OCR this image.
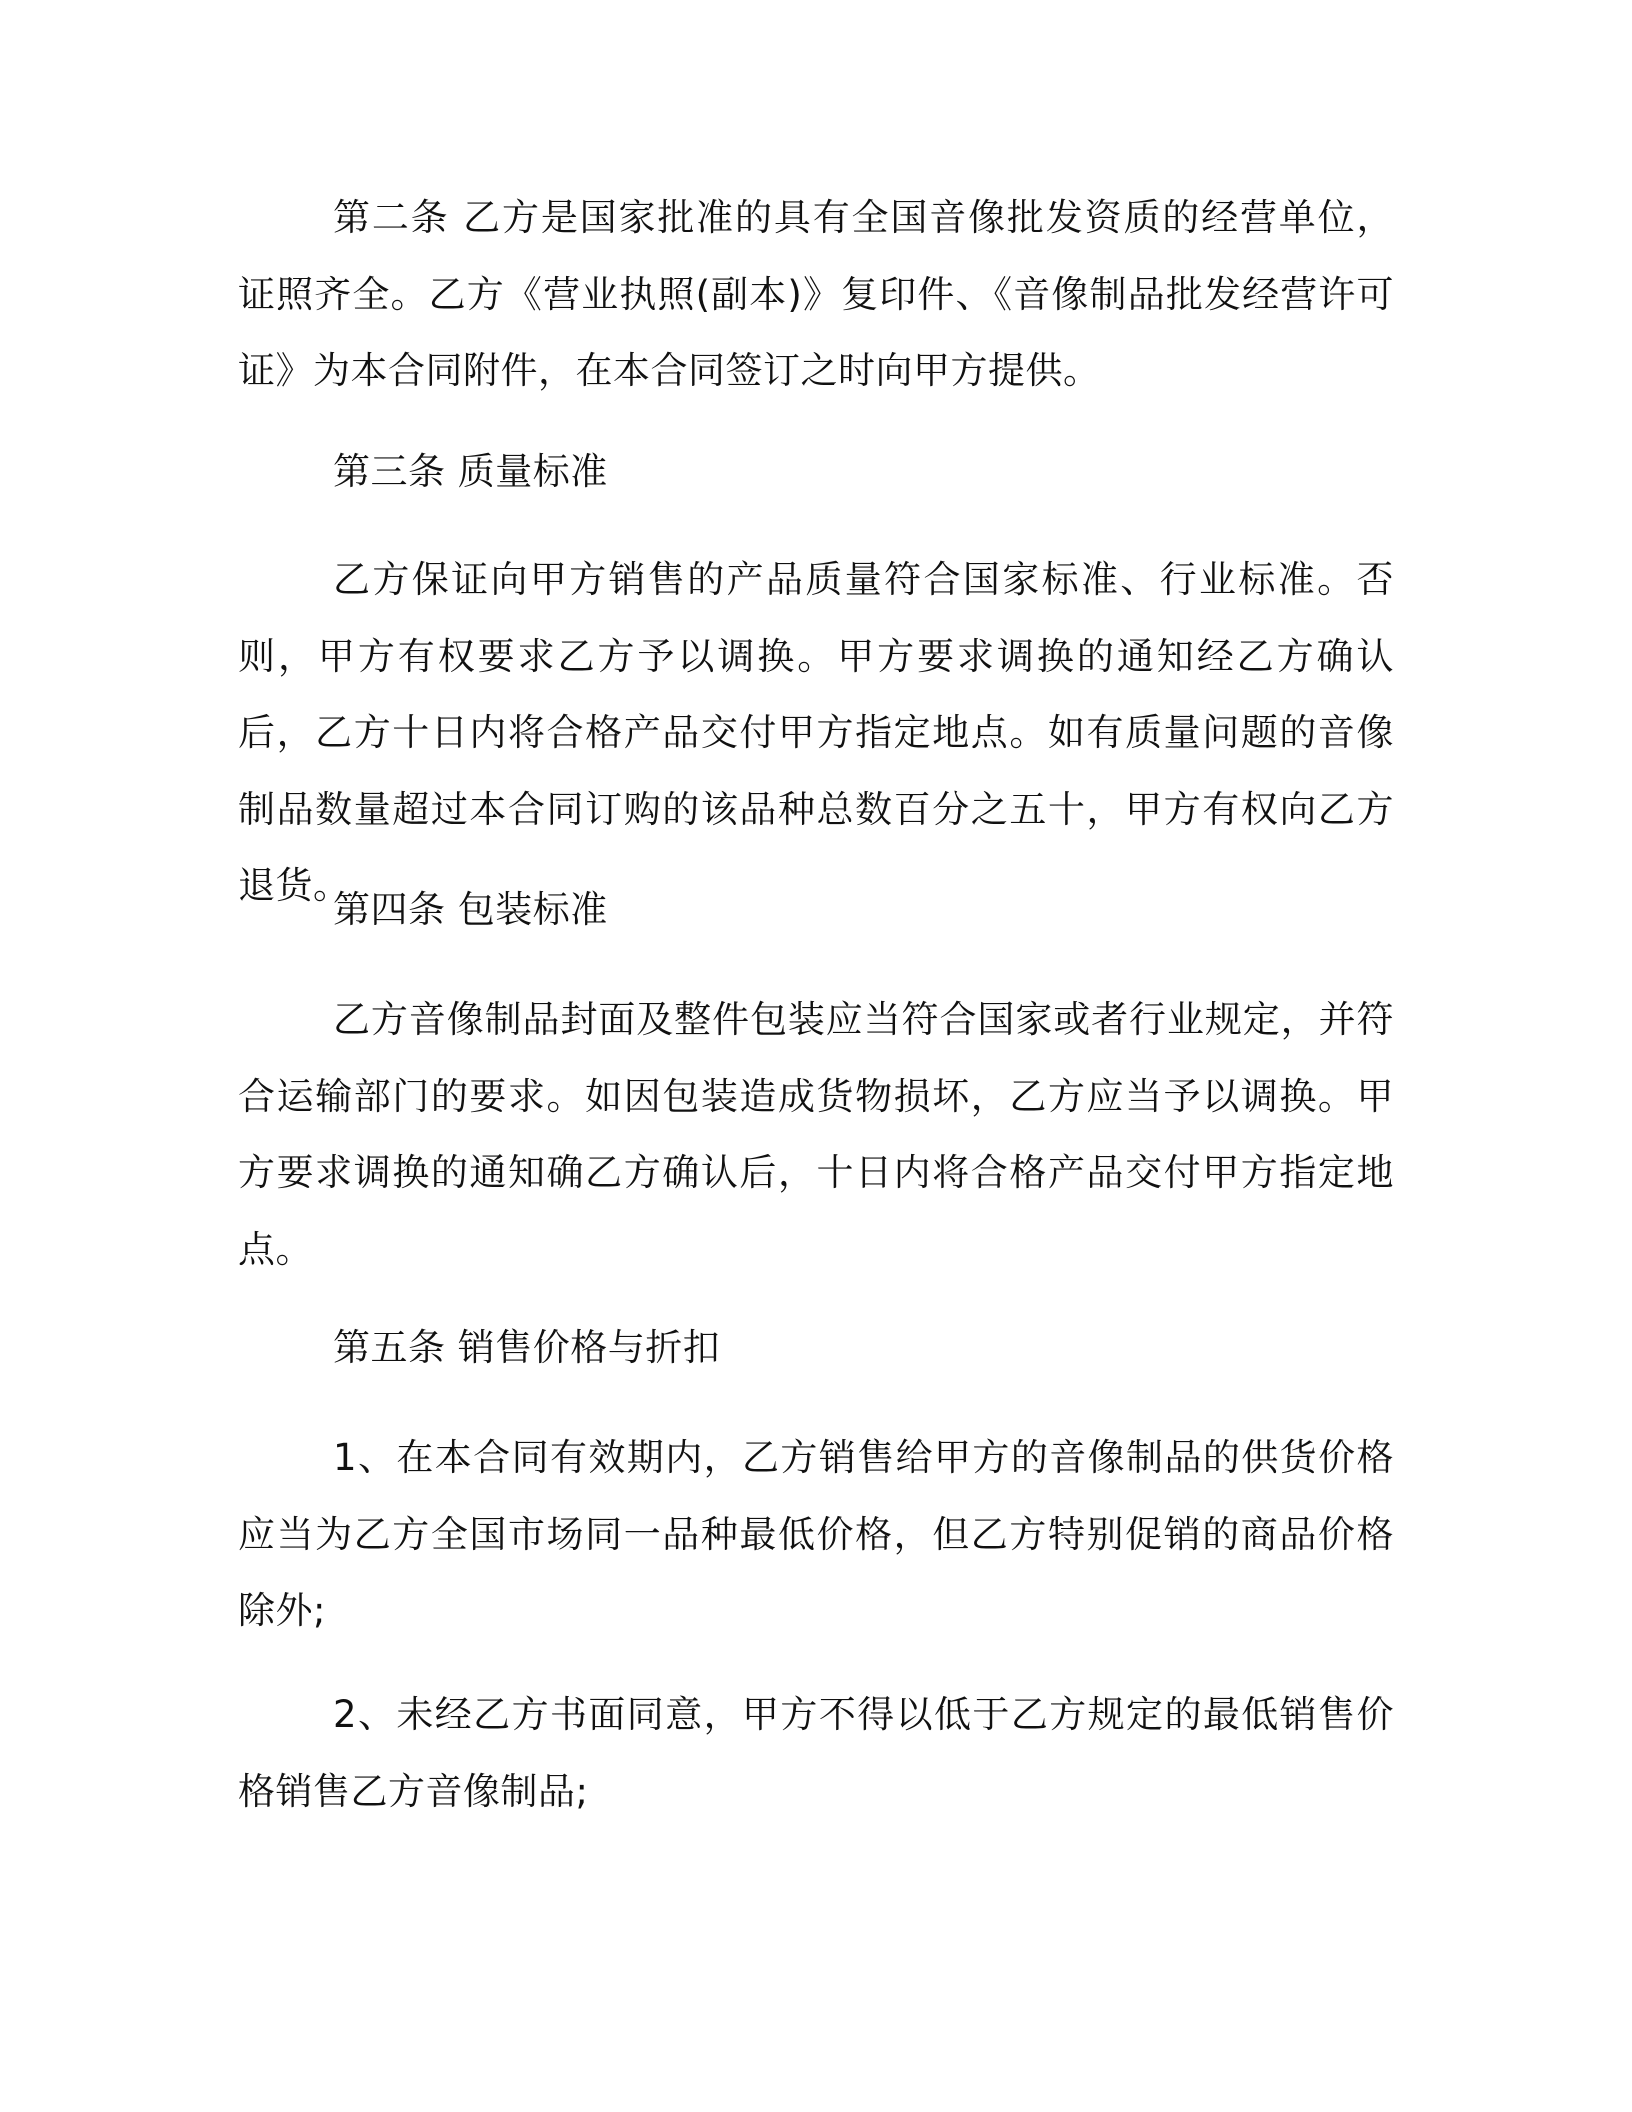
第二条 乙方是国家批准的具有全国音像批发资质的经营单位，证照齐全。乙方《营业执照(副本)》复印件、《音像制品批发经营许可证》为本合同附件，在本合同签订之时向甲方提供。

第三条 质量标准

乙方保证向甲方销售的产品质量符合国家标准、行业标准。否则，甲方有权要求乙方予以调换。甲方要求调换的通知经乙方确认后，乙方十日内将合格产品交付甲方指定地点。如有质量问题的音像制品数量超过本合同订购的该品种总数百分之五十，甲方有权向乙方退货。

第四条 包装标准

乙方音像制品封面及整件包装应当符合国家或者行业规定，并符合运输部门的要求。如因包装造成货物损坏，乙方应当予以调换。甲方要求调换的通知确乙方确认后，十日内将合格产品交付甲方指定地点。

第五条 销售价格与折扣

1、在本合同有效期内，乙方销售给甲方的音像制品的供货价格应当为乙方全国市场同一品种最低价格，但乙方特别促销的商品价格除外;

2、未经乙方书面同意，甲方不得以低于乙方规定的最低销售价格销售乙方音像制品;
